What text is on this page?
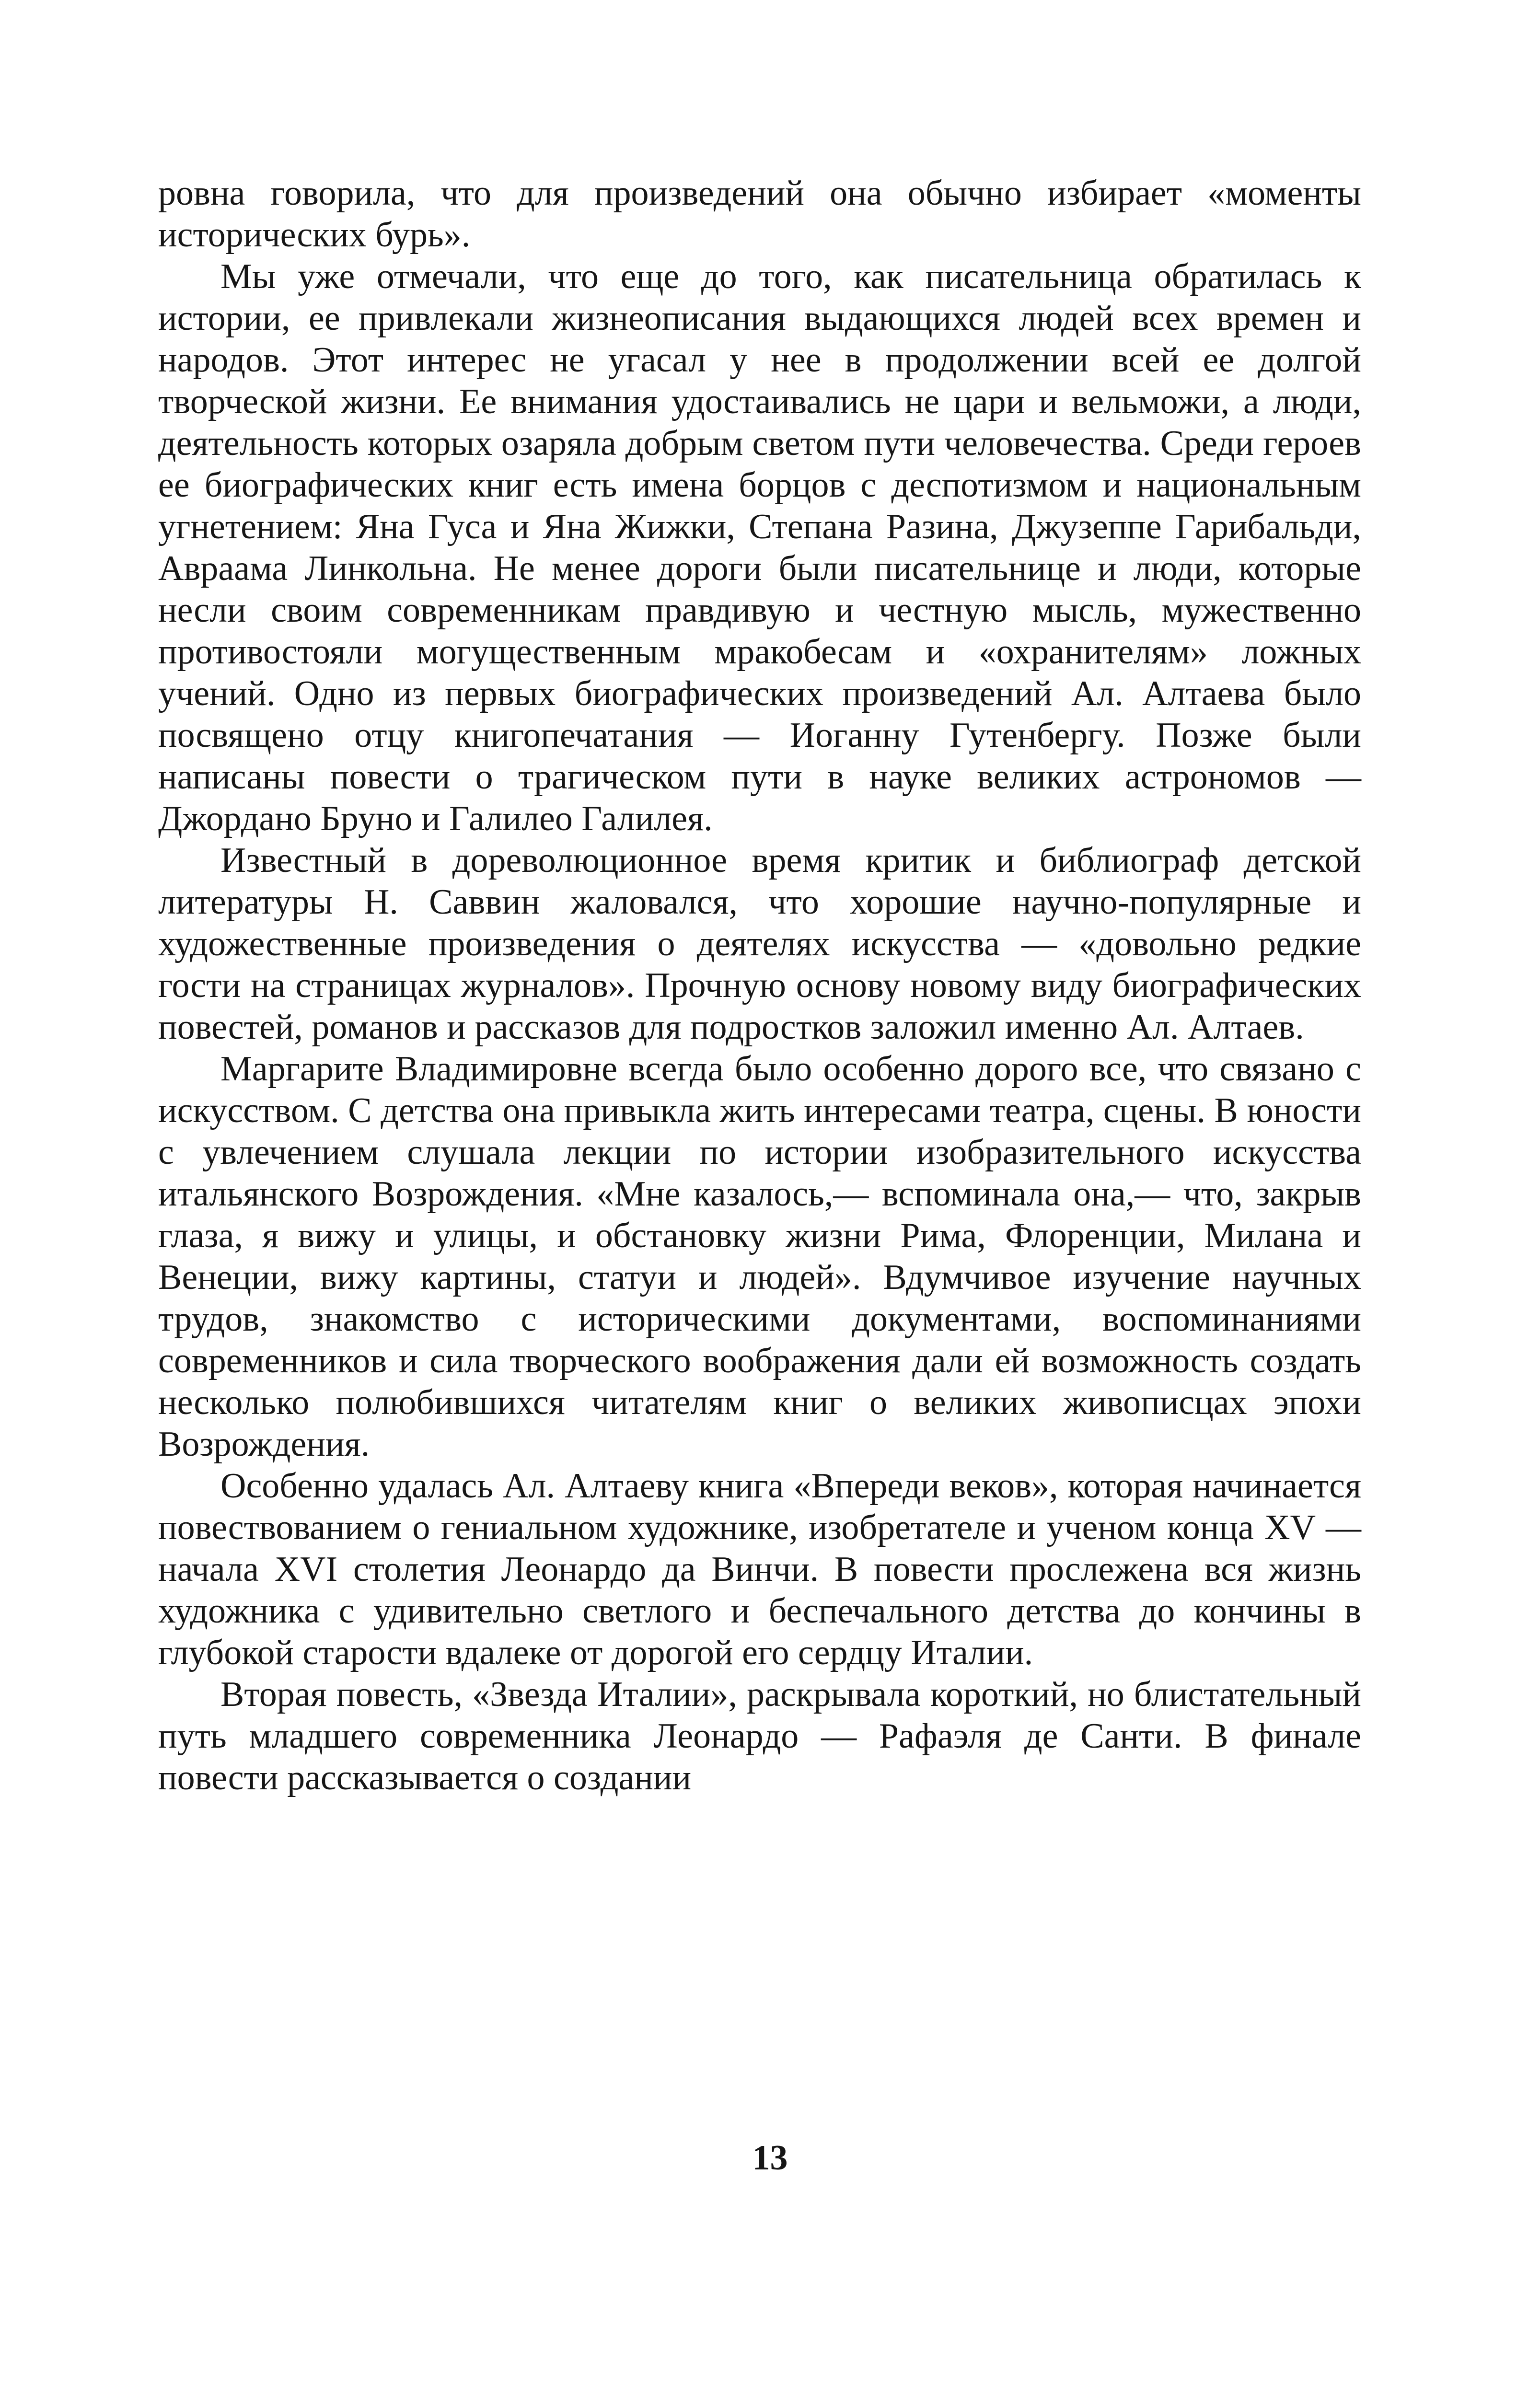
ровна говорила, что для произведений она обычно избирает «моменты исторических бурь».

Мы уже отмечали, что еще до того, как писательница обратилась к истории, ее привлекали жизнеописания выдающихся людей всех времен и народов. Этот интерес не угасал у нее в продолжении всей ее долгой творческой жизни. Ее внимания удостаивались не цари и вельможи, а люди, деятельность которых озаряла добрым светом пути человечества. Среди героев ее биографических книг есть имена борцов с деспотизмом и национальным угнетением: Яна Гуса и Яна Жижки, Степана Разина, Джузеппе Гарибальди, Авраама Линкольна. Не менее дороги были писательнице и люди, которые несли своим современникам правдивую и честную мысль, мужественно противостояли могущественным мракобесам и «охранителям» ложных учений. Одно из первых биографических произведений Ал. Алтаева было посвящено отцу книгопечатания — Иоганну Гутенбергу. Позже были написаны повести о трагическом пути в науке великих астрономов — Джордано Бруно и Галилео Галилея.

Известный в дореволюционное время критик и библиограф детской литературы Н. Саввин жаловался, что хорошие научно-популярные и художественные произведения о деятелях искусства — «довольно редкие гости на страницах журналов». Прочную основу новому виду биографических повестей, романов и рассказов для подростков заложил именно Ал. Алтаев.

Маргарите Владимировне всегда было особенно дорого все, что связано с искусством. С детства она привыкла жить интересами театра, сцены. В юности с увлечением слушала лекции по истории изобразительного искусства итальянского Возрождения. «Мне казалось,— вспоминала она,— что, закрыв глаза, я вижу и улицы, и обстановку жизни Рима, Флоренции, Милана и Венеции, вижу картины, статуи и людей». Вдумчивое изучение научных трудов, знакомство с историческими документами, воспоминаниями современников и сила творческого воображения дали ей возможность создать несколько полюбившихся читателям книг о великих живописцах эпохи Возрождения.

Особенно удалась Ал. Алтаеву книга «Впереди веков», которая начинается повествованием о гениальном художнике, изобретателе и ученом конца XV — начала XVI столетия Леонардо да Винчи. В повести прослежена вся жизнь художника с удивительно светлого и беспечального детства до кончины в глубокой старости вдалеке от дорогой его сердцу Италии.

Вторая повесть, «Звезда Италии», раскрывала короткий, но блистательный путь младшего современника Леонардо — Рафаэля де Санти. В финале повести рассказывается о создании

13
